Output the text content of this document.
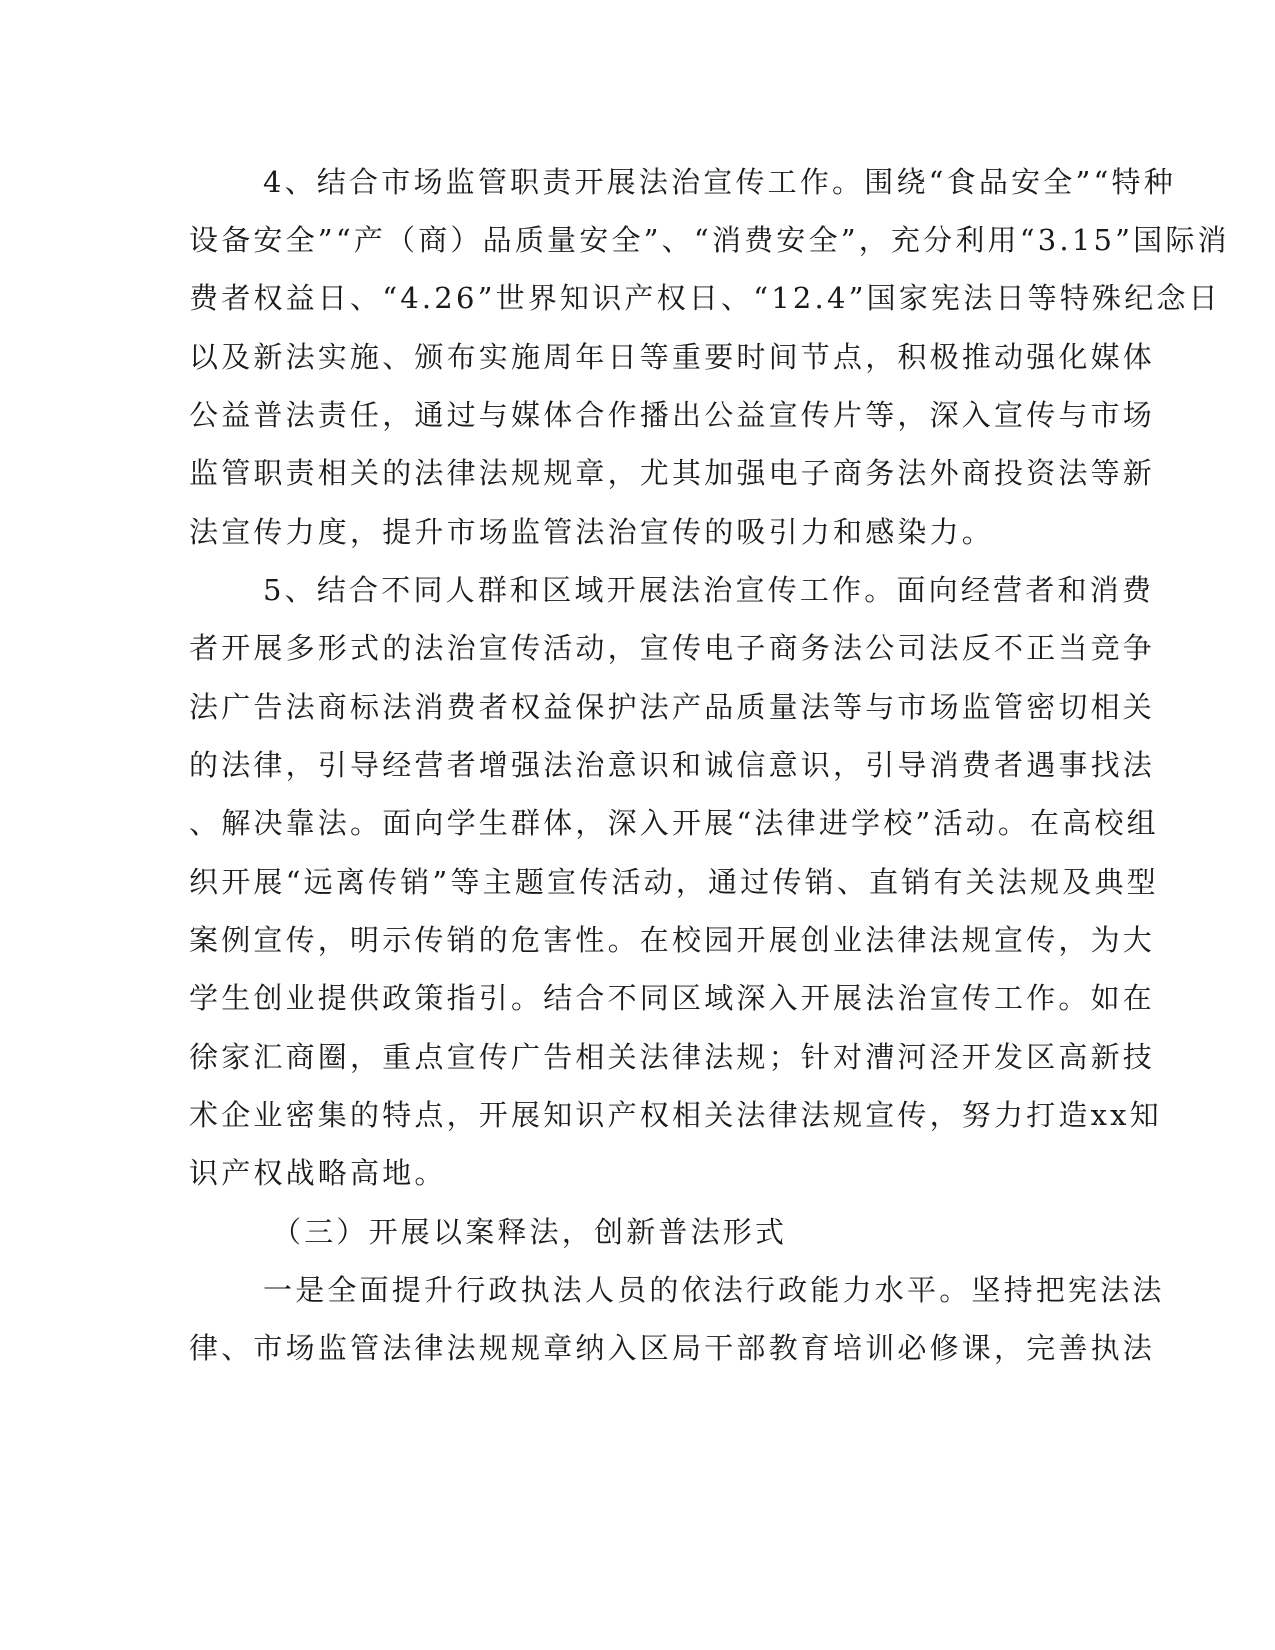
4、结合市场监管职责开展法治宣传工作。围绕“食品安全”“特种
设备安全”“产（商）品质量安全”、“消费安全”，充分利用“3.15”国际消
费者权益日、“4.26”世界知识产权日、“12.4”国家宪法日等特殊纪念日
以及新法实施、颁布实施周年日等重要时间节点，积极推动强化媒体
公益普法责任，通过与媒体合作播出公益宣传片等，深入宣传与市场
监管职责相关的法律法规规章，尤其加强电子商务法外商投资法等新
法宣传力度，提升市场监管法治宣传的吸引力和感染力。
5、结合不同人群和区域开展法治宣传工作。面向经营者和消费
者开展多形式的法治宣传活动，宣传电子商务法公司法反不正当竞争
法广告法商标法消费者权益保护法产品质量法等与市场监管密切相关
的法律，引导经营者增强法治意识和诚信意识，引导消费者遇事找法
、解决靠法。面向学生群体，深入开展“法律进学校”活动。在高校组
织开展“远离传销”等主题宣传活动，通过传销、直销有关法规及典型
案例宣传，明示传销的危害性。在校园开展创业法律法规宣传，为大
学生创业提供政策指引。结合不同区域深入开展法治宣传工作。如在
徐家汇商圈，重点宣传广告相关法律法规；针对漕河泾开发区高新技
术企业密集的特点，开展知识产权相关法律法规宣传，努力打造xx知
识产权战略高地。
（三）开展以案释法，创新普法形式
一是全面提升行政执法人员的依法行政能力水平。坚持把宪法法
律、市场监管法律法规规章纳入区局干部教育培训必修课，完善执法
